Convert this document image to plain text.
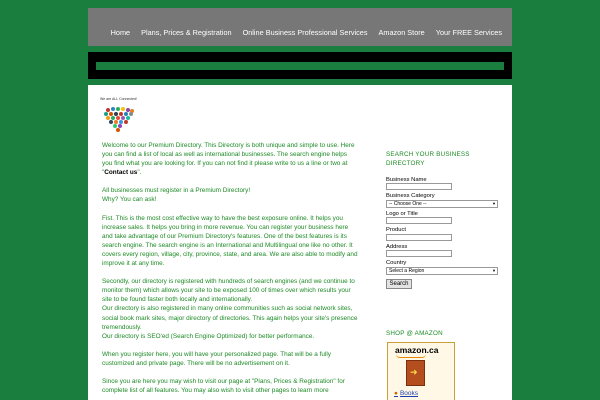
Home Plans, Prices & Registration Online Business Professional Services Amazon Store Your FREE Services
We are ALL Connected!

Welcome to our Premium Directory. This Directory is both unique and simple to use. Here you can find a list of local as well as international businesses. The search engine helps you find what you are looking for. If you can not find it please write to us a line or two at "Contact us".

All businesses must register in a Premium Directory!
Why? You can ask!

Fist. This is the most cost effective way to have the best exposure online. It helps you increase sales. It helps you bring in more revenue. You can register your business here and take advantage of our Premium Directory's features. One of the best features is its search engine. The search engine is an International and Multilingual one like no other. It covers every region, village, city, province, state, and area. We are also able to modify and improve it at any time.

Secondly, our directory is registered with hundreds of search engines (and we continue to monitor them) which allows your site to be exposed 100 of times over which results your site to be found faster both locally and internationally.
Our directory is also registered in many online communities such as social network sites, social book mark sites, major directory of directories. This again helps your site's presence tremendously.
Our directory is SEO'ed (Search Engine Optimized) for better performance.

When you register here, you will have your personalized page. That will be a fully customized and private page. There will be no advertisement on it.

Since you are here you may wish to visit our page at "Plans, Prices & Registration" for complete list of all features. You may also wish to visit other pages to learn more

SEARCH YOUR BUSINESS DIRECTORY
Business Name
Business Category
-- Choose One --	▼
Logo or Title
Product
Address
Country
Select a Region	▼
Search
SHOP @ AMAZON
amazon.ca
➜
● Books
